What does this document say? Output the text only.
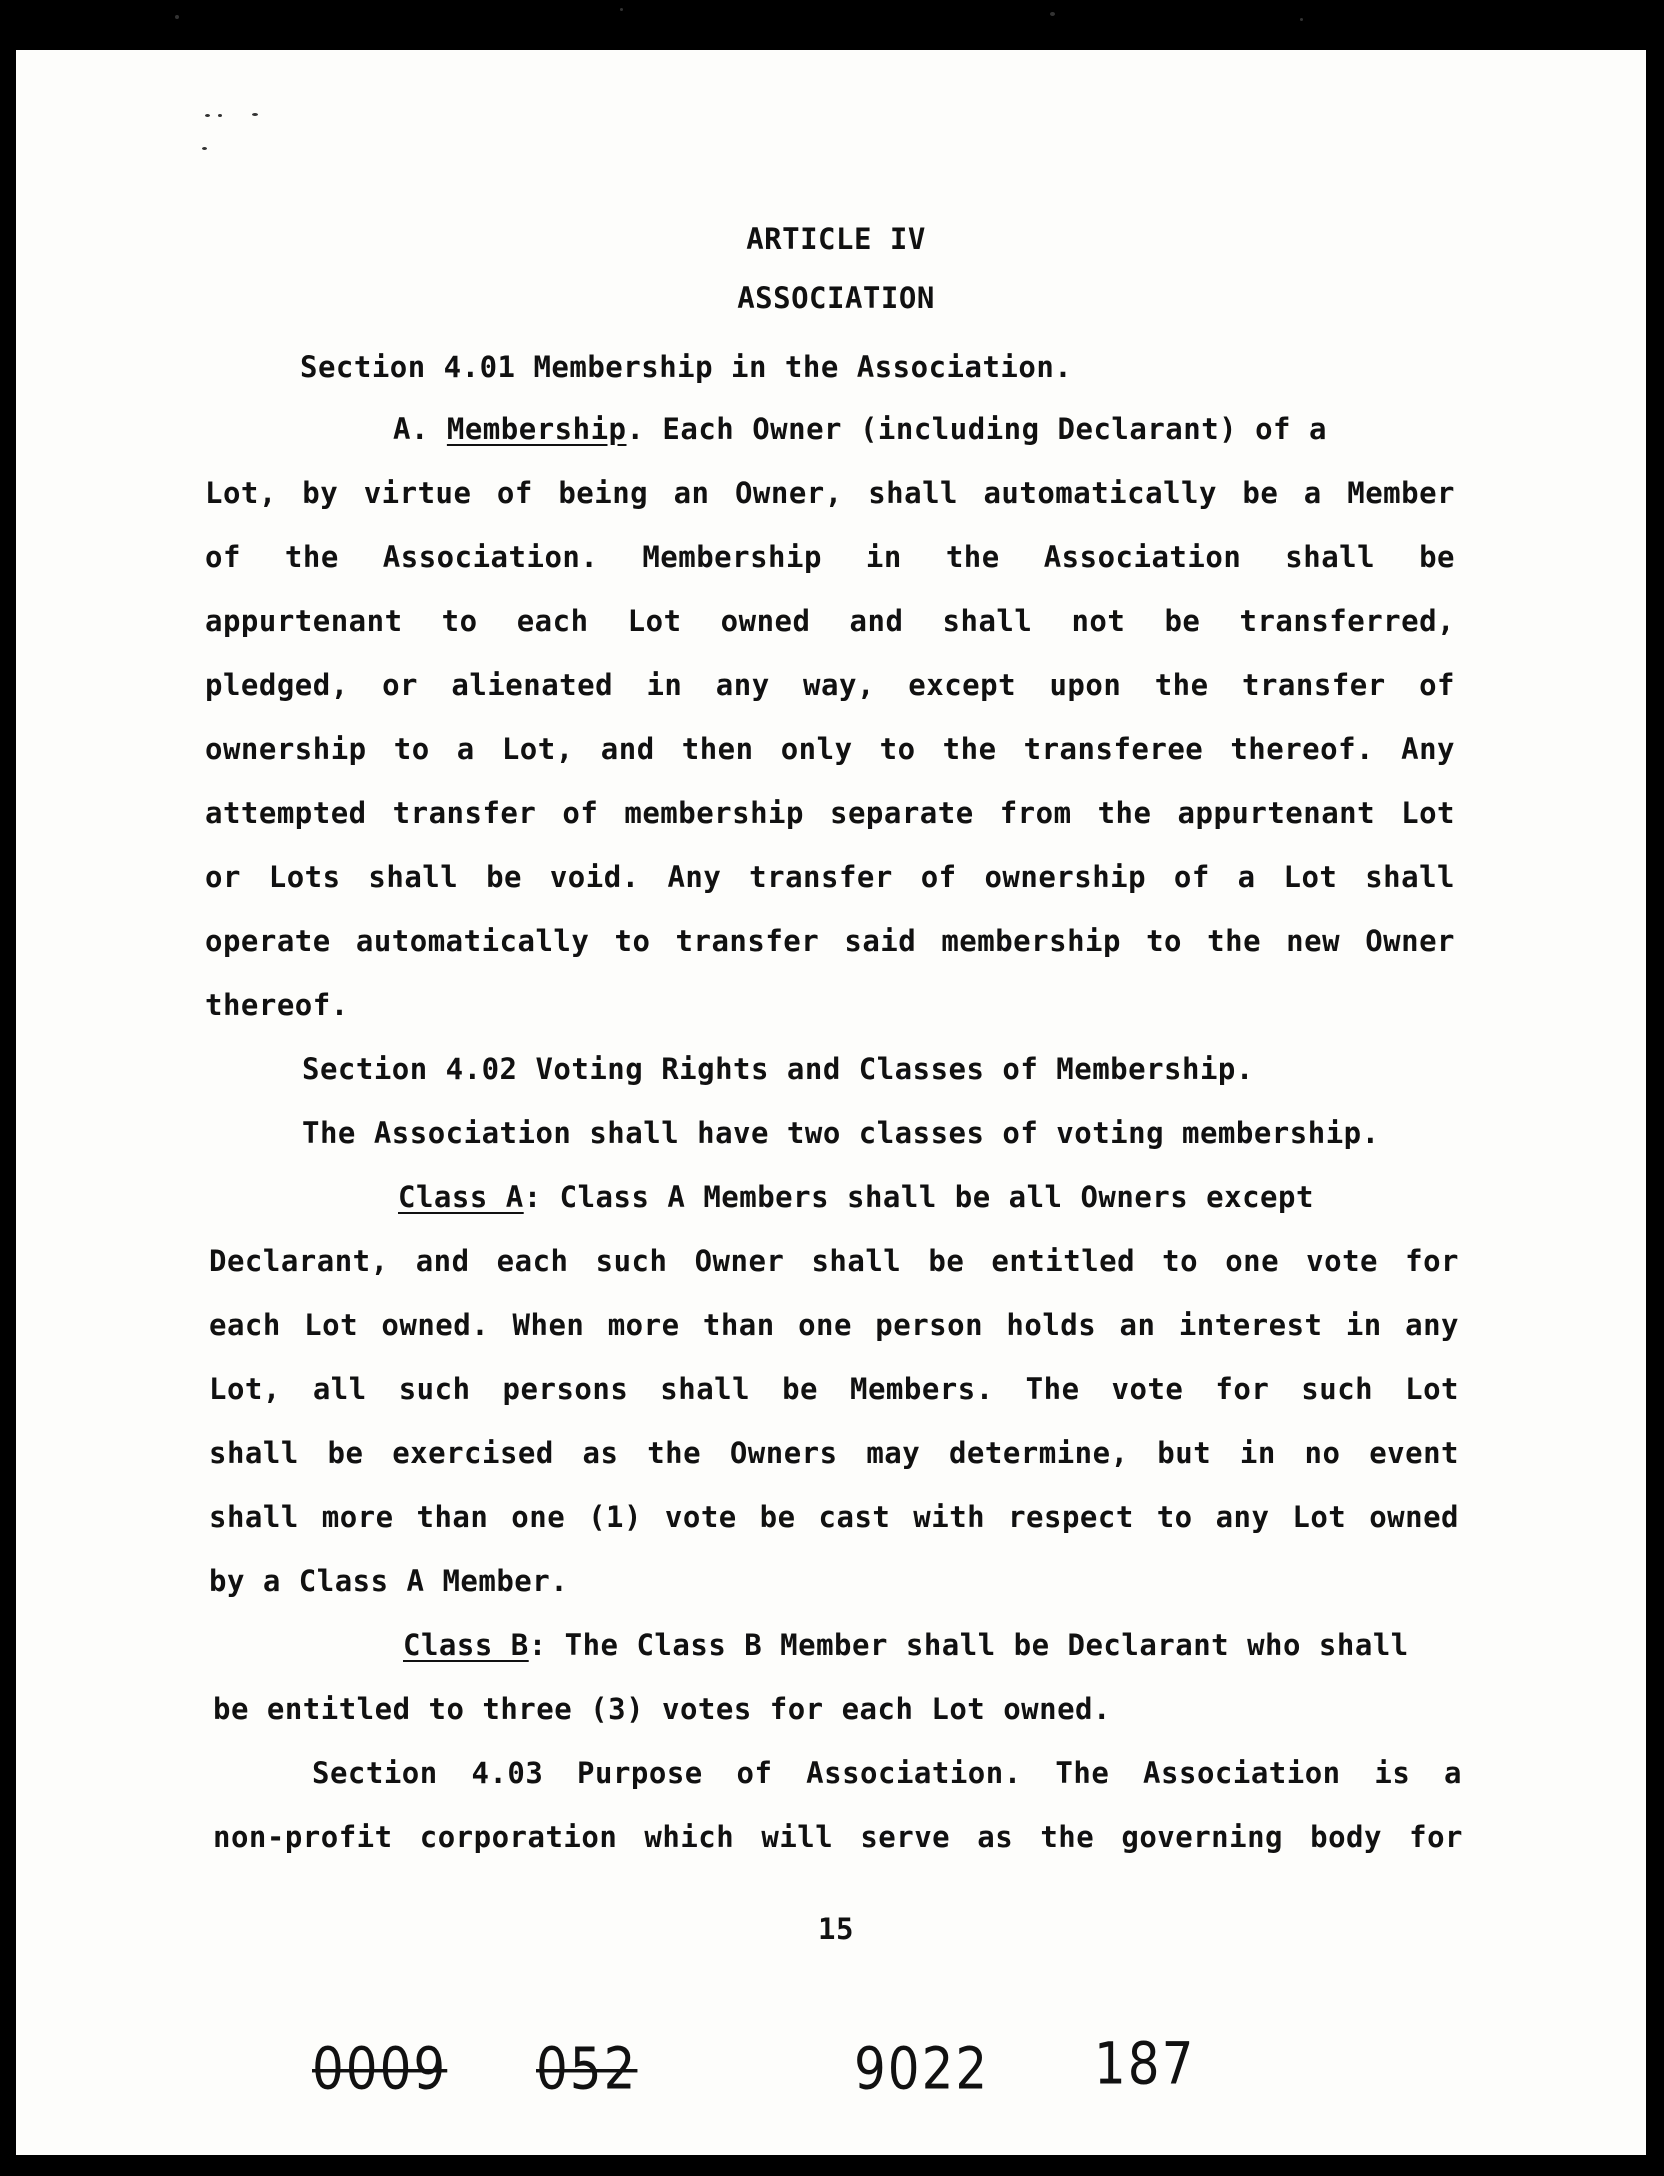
ARTICLE IV
ASSOCIATION
Section 4.01 Membership in the Association.
A. Membership. Each Owner (including Declarant) of a
Lot, by virtue of being an Owner, shall automatically be a Member
of the Association. Membership in the Association shall be
appurtenant to each Lot owned and shall not be transferred,
pledged, or alienated in any way, except upon the transfer of
ownership to a Lot, and then only to the transferee thereof. Any
attempted transfer of membership separate from the appurtenant Lot
or Lots shall be void. Any transfer of ownership of a Lot shall
operate automatically to transfer said membership to the new Owner
thereof.
Section 4.02 Voting Rights and Classes of Membership.
The Association shall have two classes of voting membership.
Class A: Class A Members shall be all Owners except
Declarant, and each such Owner shall be entitled to one vote for
each Lot owned. When more than one person holds an interest in any
Lot, all such persons shall be Members. The vote for such Lot
shall be exercised as the Owners may determine, but in no event
shall more than one (1) vote be cast with respect to any Lot owned
by a Class A Member.
Class B: The Class B Member shall be Declarant who shall
be entitled to three (3) votes for each Lot owned.
Section 4.03 Purpose of Association. The Association is a
non-profit corporation which will serve as the governing body for
15
0009 052	9022 187
